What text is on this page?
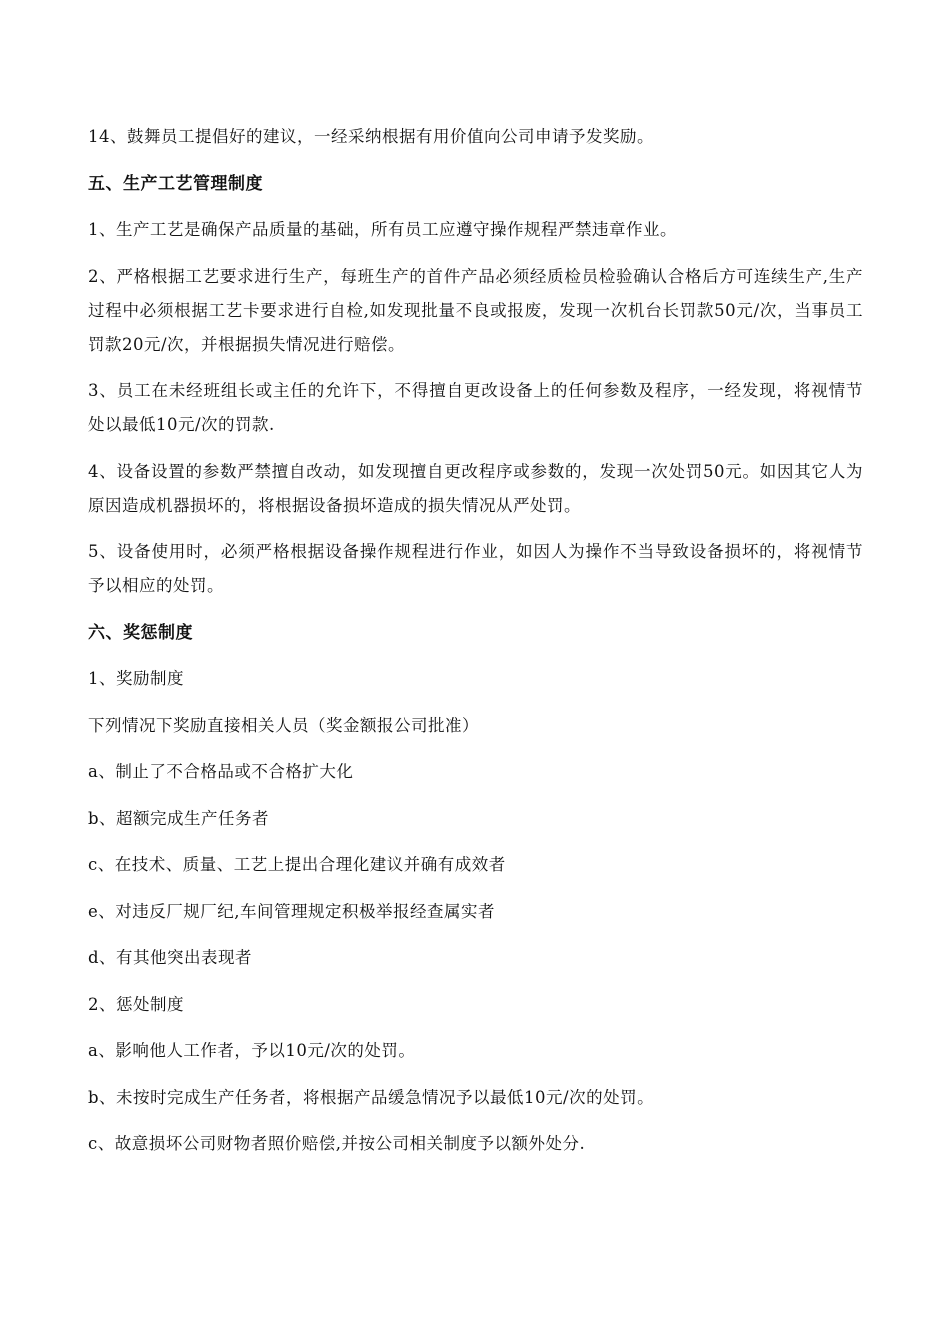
14、鼓舞员工提倡好的建议，一经采纳根据有用价值向公司申请予发奖励。

五、生产工艺管理制度

1、生产工艺是确保产品质量的基础，所有员工应遵守操作规程严禁违章作业。

2、严格根据工艺要求进行生产，每班生产的首件产品必须经质检员检验确认合格后方可连续生产,生产过程中必须根据工艺卡要求进行自检,如发现批量不良或报废，发现一次机台长罚款50元/次，当事员工罚款20元/次，并根据损失情况进行赔偿。

3、员工在未经班组长或主任的允许下，不得擅自更改设备上的任何参数及程序，一经发现，将视情节处以最低10元/次的罚款.

4、设备设置的参数严禁擅自改动，如发现擅自更改程序或参数的，发现一次处罚50元。如因其它人为原因造成机器损坏的，将根据设备损坏造成的损失情况从严处罚。

5、设备使用时，必须严格根据设备操作规程进行作业，如因人为操作不当导致设备损坏的，将视情节予以相应的处罚。

六、奖惩制度

1、奖励制度

下列情况下奖励直接相关人员（奖金额报公司批准）

a、制止了不合格品或不合格扩大化

b、超额完成生产任务者

c、在技术、质量、工艺上提出合理化建议并确有成效者

e、对违反厂规厂纪,车间管理规定积极举报经查属实者

d、有其他突出表现者

2、惩处制度

a、影响他人工作者，予以10元/次的处罚。

b、未按时完成生产任务者，将根据产品缓急情况予以最低10元/次的处罚。

c、故意损坏公司财物者照价赔偿,并按公司相关制度予以额外处分.
